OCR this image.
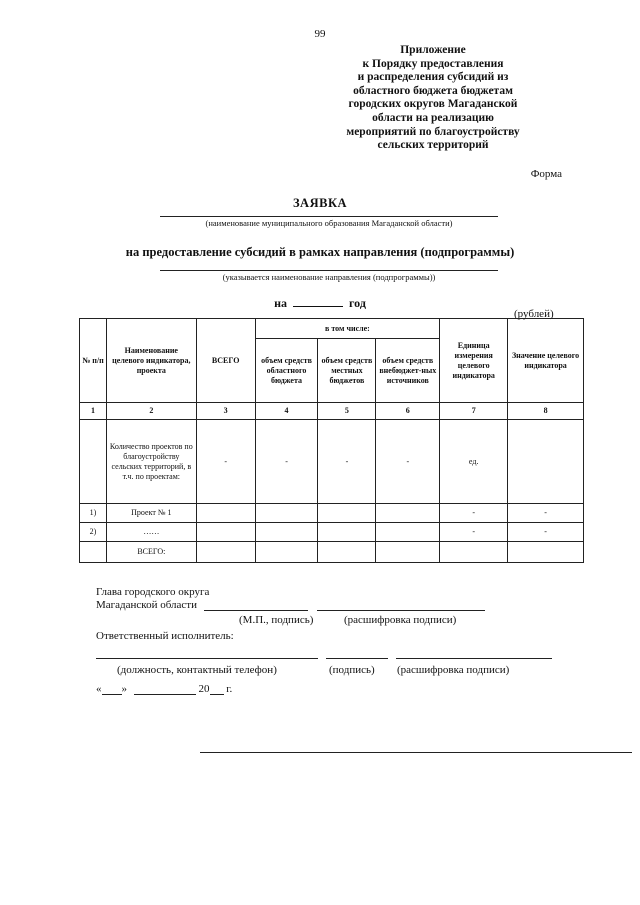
99
Приложение
к Порядку предоставления
и распределения субсидий из
областного бюджета бюджетам
городских округов Магаданской
области на реализацию
мероприятий по благоустройству
сельских территорий
Форма
ЗАЯВКА
(наименование муниципального образования Магаданской области)
на предоставление субсидий в рамках направления (подпрограммы)
(указывается наименование направления (подпрограммы))
на	год
(рублей)
№ п/п	Наименование целевого индикатора, проекта	ВСЕГО	в том числе:			Единица измерения целевого индикатора	Значение целевого индикатора
			объем средств областного бюджета	объем средств местных бюджетов	объем средств внебюджет-ных источников		
1	2	3	4	5	6	7	8
	Количество проектов по благоустройству сельских территорий, в т.ч. по проектам:	-	-	-	-	ед.	
1)	Проект № 1					-	-
2)	……					-	-
	ВСЕГО:						
Глава городского округа
Магаданской области
(М.П., подпись)	(расшифровка подписи)
Ответственный исполнитель:
(должность, контактный телефон)	(подпись) (расшифровка подписи)
« »	20 г.
